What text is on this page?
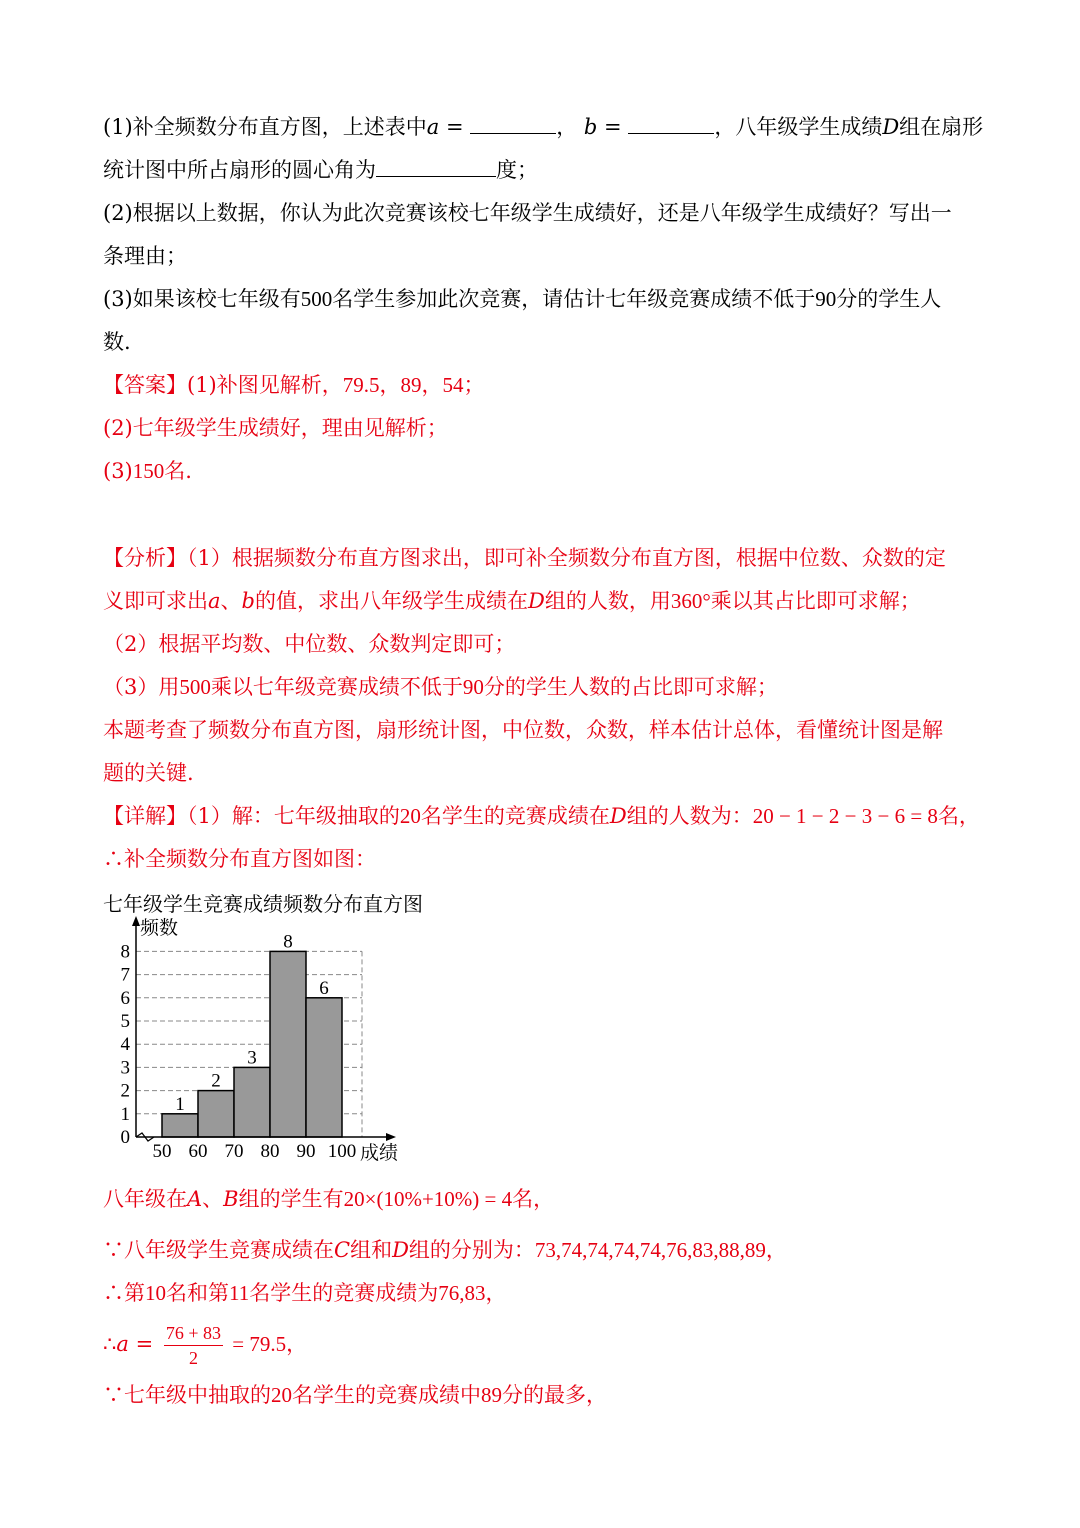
(1)补全频数分布直方图，上述表中a =	， b =	，八年级学生成绩D组在扇形
统计图中所占扇形的圆心角为	度；
(2)根据以上数据，你认为此次竞赛该校七年级学生成绩好，还是八年级学生成绩好？写出一
条理由；
(3)如果该校七年级有500名学生参加此次竞赛，请估计七年级竞赛成绩不低于90分的学生人
数.
【答案】(1)补图见解析，79.5，89，54；
(2)七年级学生成绩好，理由见解析；
(3)150名.
【分析】（1）根据频数分布直方图求出，即可补全频数分布直方图，根据中位数、众数的定
义即可求出a、b的值，求出八年级学生成绩在D组的人数，用360°乘以其占比即可求解；
（2）根据平均数、中位数、众数判定即可；
（3）用500乘以七年级竞赛成绩不低于90分的学生人数的占比即可求解；
本题考查了频数分布直方图，扇形统计图，中位数，众数，样本估计总体，看懂统计图是解
题的关键.
【详解】（1）解：七年级抽取的20名学生的竞赛成绩在D组的人数为：20 − 1 − 2 − 3 − 6 = 8名，
∴补全频数分布直方图如图：
七年级学生竞赛成绩频数分布直方图
1
2
3
8
6
0
1
2
3
4
5
6
7
8
50 60 70 80 90 100
频数
成绩
八年级在A、B组的学生有20×(10%+10%) = 4名，
∵八年级学生竞赛成绩在C组和D组的分别为：73,74,74,74,74,76,83,88,89，
∴第10名和第11名学生的竞赛成绩为76,83，
∴a = $\frac{76 + 83}{2} = 79.5$，
∵七年级中抽取的20名学生的竞赛成绩中89分的最多，
